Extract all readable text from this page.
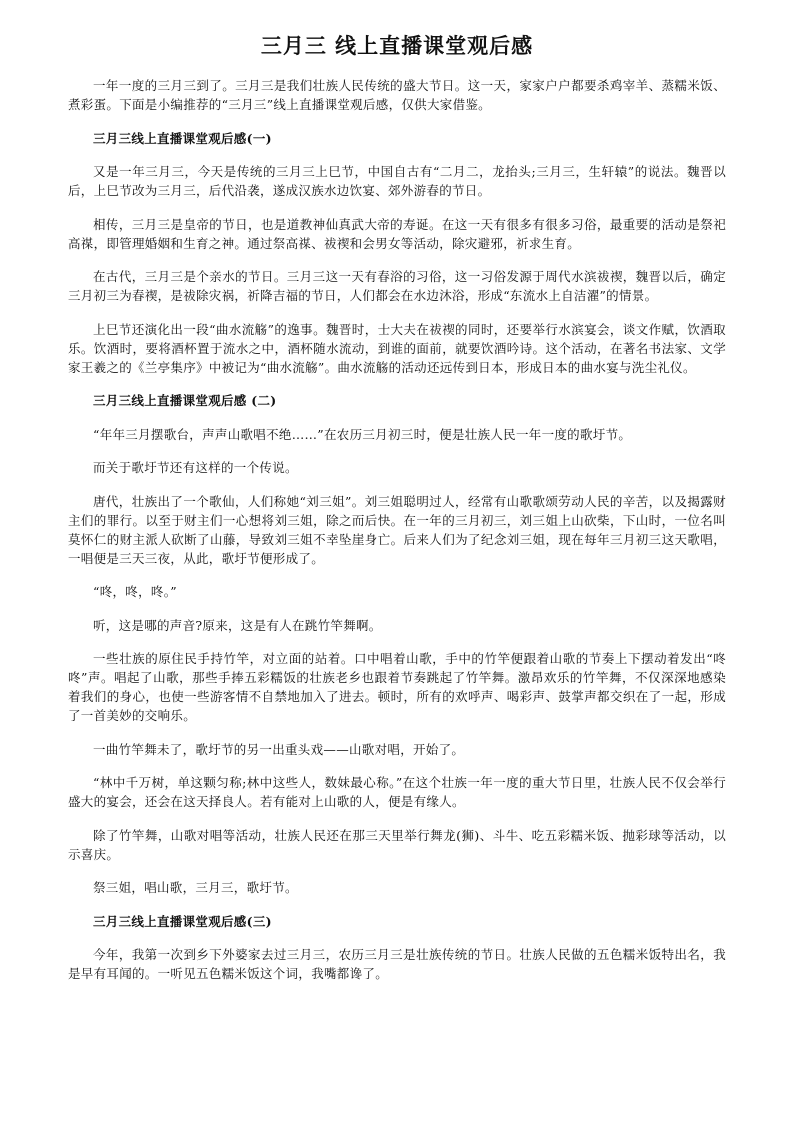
三月三 线上直播课堂观后感

一年一度的三月三到了。三月三是我们壮族人民传统的盛大节日。这一天，家家户户都要杀鸡宰羊、蒸糯米饭、煮彩蛋。下面是小编推荐的“三月三”线上直播课堂观后感，仅供大家借鉴。

三月三线上直播课堂观后感(一)

又是一年三月三，今天是传统的三月三上巳节，中国自古有“二月二，龙抬头;三月三，生轩辕”的说法。魏晋以后，上巳节改为三月三，后代沿袭，遂成汉族水边饮宴、郊外游春的节日。

相传，三月三是皇帝的节日，也是道教神仙真武大帝的寿诞。在这一天有很多有很多习俗，最重要的活动是祭祀高禖，即管理婚姻和生育之神。通过祭高禖、祓禊和会男女等活动，除灾避邪，祈求生育。

在古代，三月三是个亲水的节日。三月三这一天有春浴的习俗，这一习俗发源于周代水滨祓禊，魏晋以后，确定三月初三为春禊，是祓除灾祸，祈降吉福的节日，人们都会在水边沐浴，形成“东流水上自洁濯”的情景。

上巳节还演化出一段“曲水流觞”的逸事。魏晋时，士大夫在祓禊的同时，还要举行水滨宴会，谈文作赋，饮酒取乐。饮酒时，要将酒杯置于流水之中，酒杯随水流动，到谁的面前，就要饮酒吟诗。这个活动，在著名书法家、文学家王羲之的《兰亭集序》中被记为“曲水流觞”。曲水流觞的活动还远传到日本，形成日本的曲水宴与洗尘礼仪。

三月三线上直播课堂观后感 (二)

“年年三月摆歌台，声声山歌唱不绝……”在农历三月初三时，便是壮族人民一年一度的歌圩节。

而关于歌圩节还有这样的一个传说。

唐代，壮族出了一个歌仙，人们称她“刘三姐”。刘三姐聪明过人，经常有山歌歌颂劳动人民的辛苦，以及揭露财主们的罪行。以至于财主们一心想将刘三姐，除之而后快。在一年的三月初三，刘三姐上山砍柴，下山时，一位名叫莫怀仁的财主派人砍断了山藤，导致刘三姐不幸坠崖身亡。后来人们为了纪念刘三姐，现在每年三月初三这天歌唱，一唱便是三天三夜，从此，歌圩节便形成了。

“咚，咚，咚。”

听，这是哪的声音?原来，这是有人在跳竹竿舞啊。

一些壮族的原住民手持竹竿，对立面的站着。口中唱着山歌，手中的竹竿便跟着山歌的节奏上下摆动着发出“咚咚”声。唱起了山歌，那些手捧五彩糯饭的壮族老乡也跟着节奏跳起了竹竿舞。激昂欢乐的竹竿舞，不仅深深地感染着我们的身心，也使一些游客情不自禁地加入了进去。顿时，所有的欢呼声、喝彩声、鼓掌声都交织在了一起，形成了一首美妙的交响乐。

一曲竹竿舞未了，歌圩节的另一出重头戏——山歌对唱，开始了。

“林中千万树，单这颗匀称;林中这些人，数妹最心称。”在这个壮族一年一度的重大节日里，壮族人民不仅会举行盛大的宴会，还会在这天择良人。若有能对上山歌的人，便是有缘人。

除了竹竿舞，山歌对唱等活动，壮族人民还在那三天里举行舞龙(狮)、斗牛、吃五彩糯米饭、抛彩球等活动，以示喜庆。

祭三姐，唱山歌，三月三，歌圩节。

三月三线上直播课堂观后感(三)

今年，我第一次到乡下外婆家去过三月三，农历三月三是壮族传统的节日。壮族人民做的五色糯米饭特出名，我是早有耳闻的。一听见五色糯米饭这个词，我嘴都谗了。
